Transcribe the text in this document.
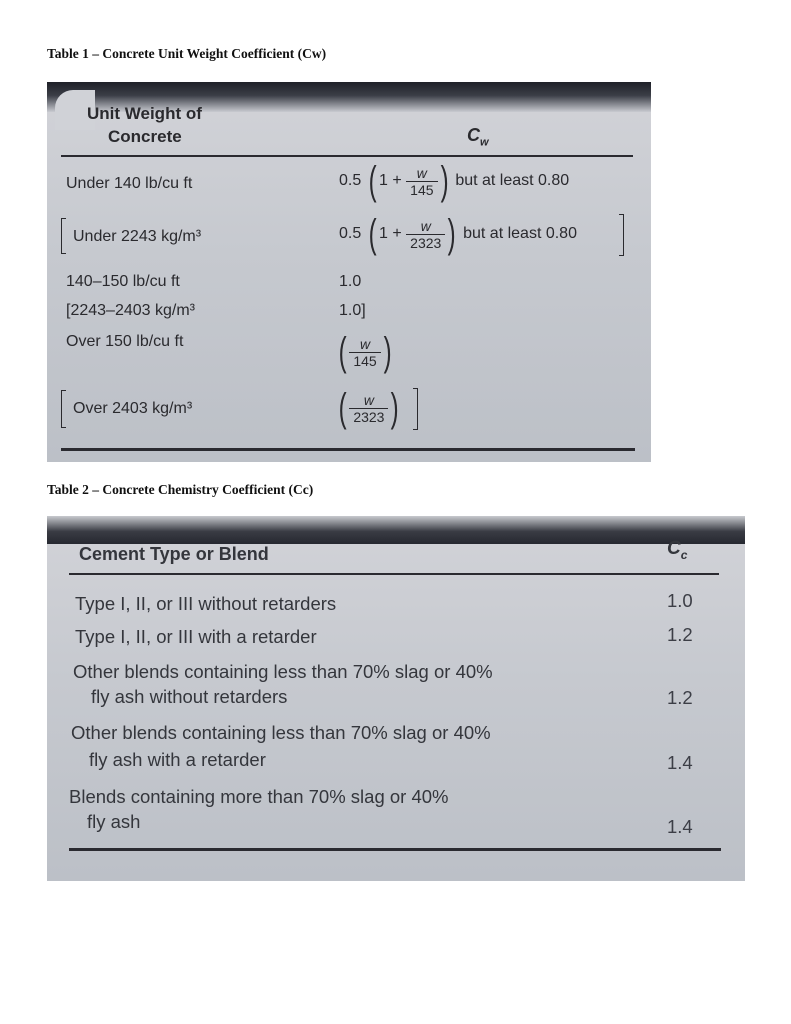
Table 1 – Concrete Unit Weight Coefficient (Cw)
Unit Weight of
Concrete	$C_w$
Under 140 lb/cu ft	0.5 ( $1 + \frac{w}{145}$ ) but at least 0.80
Under 2243 kg/m³	0.5 ( $1 + \frac{w}{2323}$ ) but at least 0.80
140–150 lb/cu ft	1.0
[2243–2403 kg/m³	1.0]
Over 150 lb/cu ft	( $\frac{w}{145}$ )
Over 2403 kg/m³	( $\frac{w}{2323}$ )
Table 2 – Concrete Chemistry Coefficient (Cc)
Cement Type or Blend	$C_c$
Type I, II, or III without retarders	1.0
Type I, II, or III with a retarder	1.2
Other blends containing less than 70% slag or 40%
fly ash without retarders	1.2
Other blends containing less than 70% slag or 40%
fly ash with a retarder	1.4
Blends containing more than 70% slag or 40%
fly ash	1.4
